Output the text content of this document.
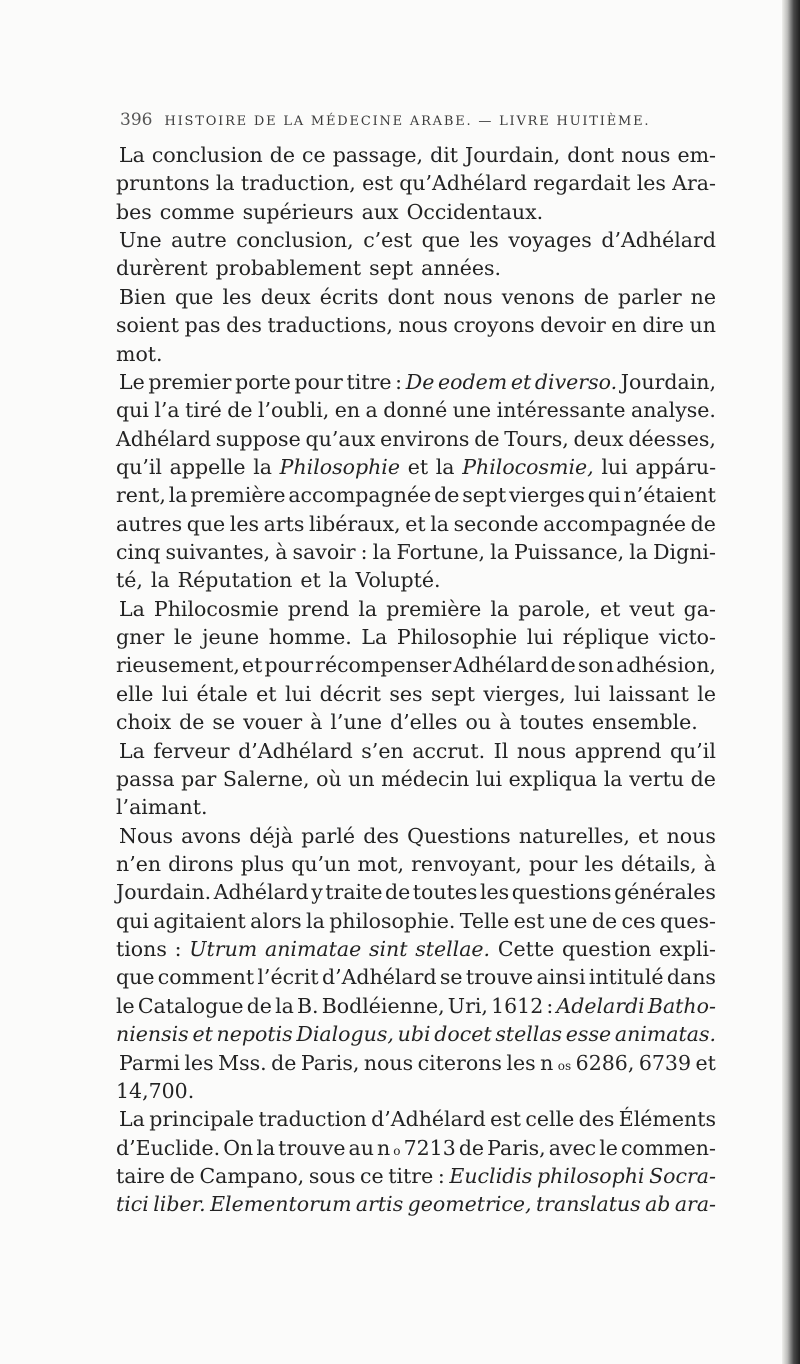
396 HISTOIRE DE LA MÉDECINE ARABE. — LIVRE HUITIÈME.
La conclusion de ce passage, dit Jourdain, dont nous em-
pruntons la traduction, est qu’Adhélard regardait les Ara-
bes comme supérieurs aux Occidentaux.
Une autre conclusion, c’est que les voyages d’Adhélard
durèrent probablement sept années.
Bien que les deux écrits dont nous venons de parler ne
soient pas des traductions, nous croyons devoir en dire un
mot.
Le premier porte pour titre : De eodem et diverso. Jourdain,
qui l’a tiré de l’oubli, en a donné une intéressante analyse.
Adhélard suppose qu’aux environs de Tours, deux déesses,
qu’il appelle la Philosophie et la Philocosmie, lui appáru-
rent, la première accompagnée de sept vierges qui n’étaient
autres que les arts libéraux, et la seconde accompagnée de
cinq suivantes, à savoir : la Fortune, la Puissance, la Digni-
té, la Réputation et la Volupté.
La Philocosmie prend la première la parole, et veut ga-
gner le jeune homme. La Philosophie lui réplique victo-
rieusement, et pour récompenser Adhélard de son adhésion,
elle lui étale et lui décrit ses sept vierges, lui laissant le
choix de se vouer à l’une d’elles ou à toutes ensemble.
La ferveur d’Adhélard s’en accrut. Il nous apprend qu’il
passa par Salerne, où un médecin lui expliqua la vertu de
l’aimant.
Nous avons déjà parlé des Questions naturelles, et nous
n’en dirons plus qu’un mot, renvoyant, pour les détails, à
Jourdain. Adhélard y traite de toutes les questions générales
qui agitaient alors la philosophie. Telle est une de ces ques-
tions : Utrum animatae sint stellae. Cette question expli-
que comment l’écrit d’Adhélard se trouve ainsi intitulé dans
le Catalogue de la B. Bodléienne, Uri, 1612 : Adelardi Batho-
niensis et nepotis Dialogus, ubi docet stellas esse animatas.
Parmi les Mss. de Paris, nous citerons les n os 6286, 6739 et
14,700.
La principale traduction d’Adhélard est celle des Éléments
d’Euclide. On la trouve au n o 7213 de Paris, avec le commen-
taire de Campano, sous ce titre : Euclidis philosophi Socra-
tici liber. Elementorum artis geometrice, translatus ab ara-
